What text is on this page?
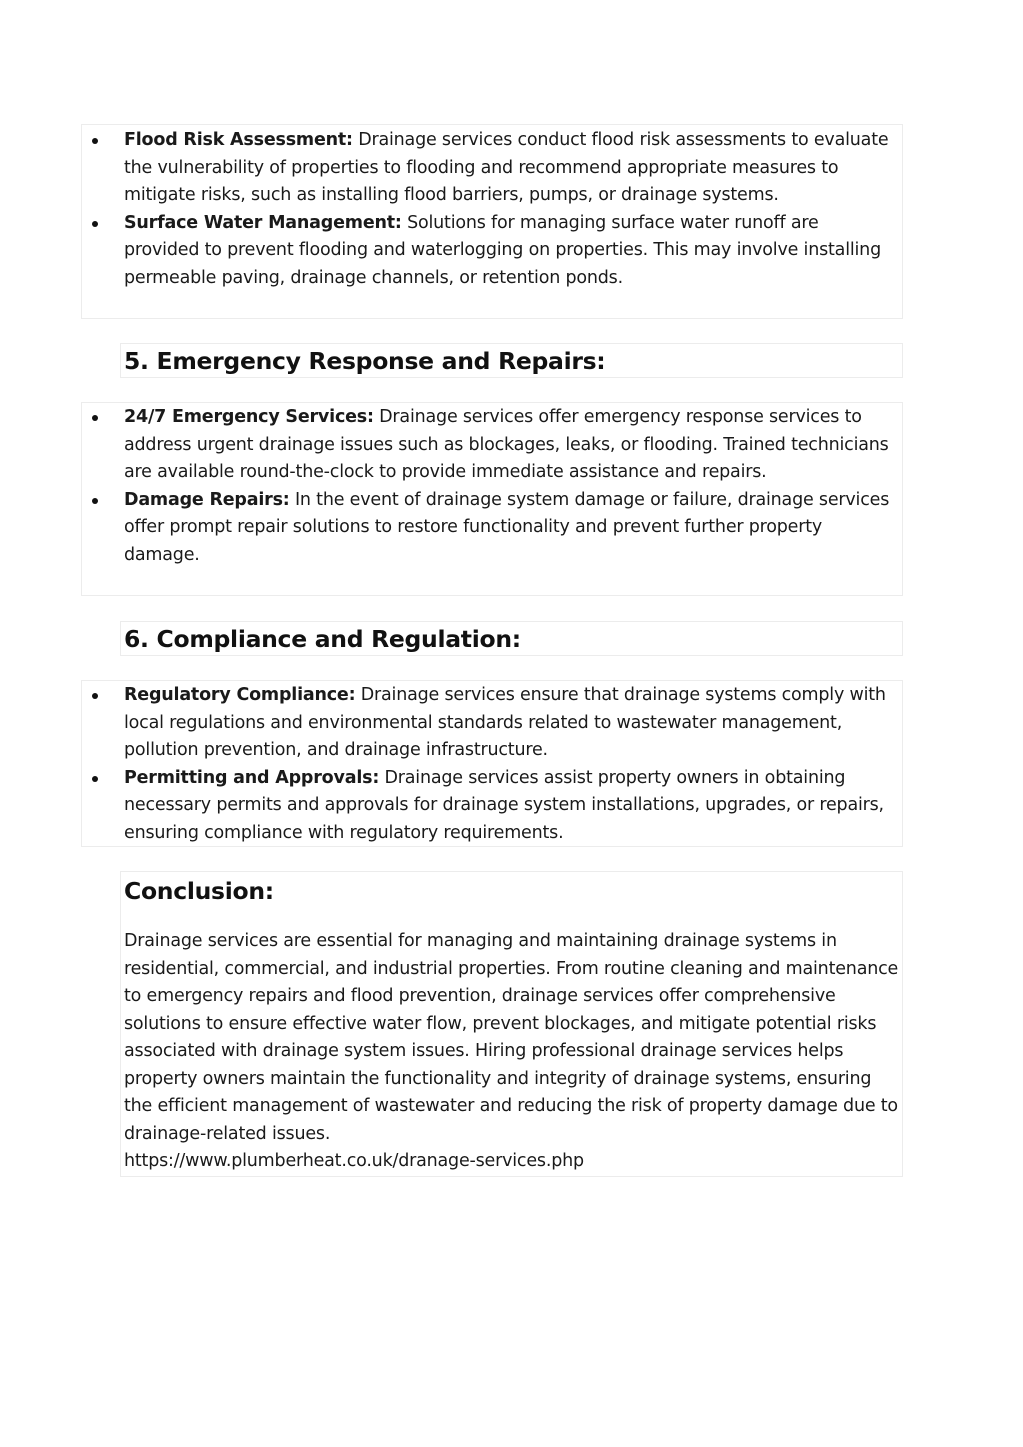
Flood Risk Assessment: Drainage services conduct flood risk assessments to evaluate the vulnerability of properties to flooding and recommend appropriate measures to mitigate risks, such as installing flood barriers, pumps, or drainage systems.
Surface Water Management: Solutions for managing surface water runoff are provided to prevent flooding and waterlogging on properties. This may involve installing permeable paving, drainage channels, or retention ponds.
5. Emergency Response and Repairs:
24/7 Emergency Services: Drainage services offer emergency response services to address urgent drainage issues such as blockages, leaks, or flooding. Trained technicians are available round-the-clock to provide immediate assistance and repairs.
Damage Repairs: In the event of drainage system damage or failure, drainage services offer prompt repair solutions to restore functionality and prevent further property damage.
6. Compliance and Regulation:
Regulatory Compliance: Drainage services ensure that drainage systems comply with local regulations and environmental standards related to wastewater management, pollution prevention, and drainage infrastructure.
Permitting and Approvals: Drainage services assist property owners in obtaining necessary permits and approvals for drainage system installations, upgrades, or repairs, ensuring compliance with regulatory requirements.
Conclusion:

Drainage services are essential for managing and maintaining drainage systems in residential, commercial, and industrial properties. From routine cleaning and maintenance to emergency repairs and flood prevention, drainage services offer comprehensive solutions to ensure effective water flow, prevent blockages, and mitigate potential risks associated with drainage system issues. Hiring professional drainage services helps property owners maintain the functionality and integrity of drainage systems, ensuring the efficient management of wastewater and reducing the risk of property damage due to drainage-related issues.

https://www.plumberheat.co.uk/dranage-services.php
